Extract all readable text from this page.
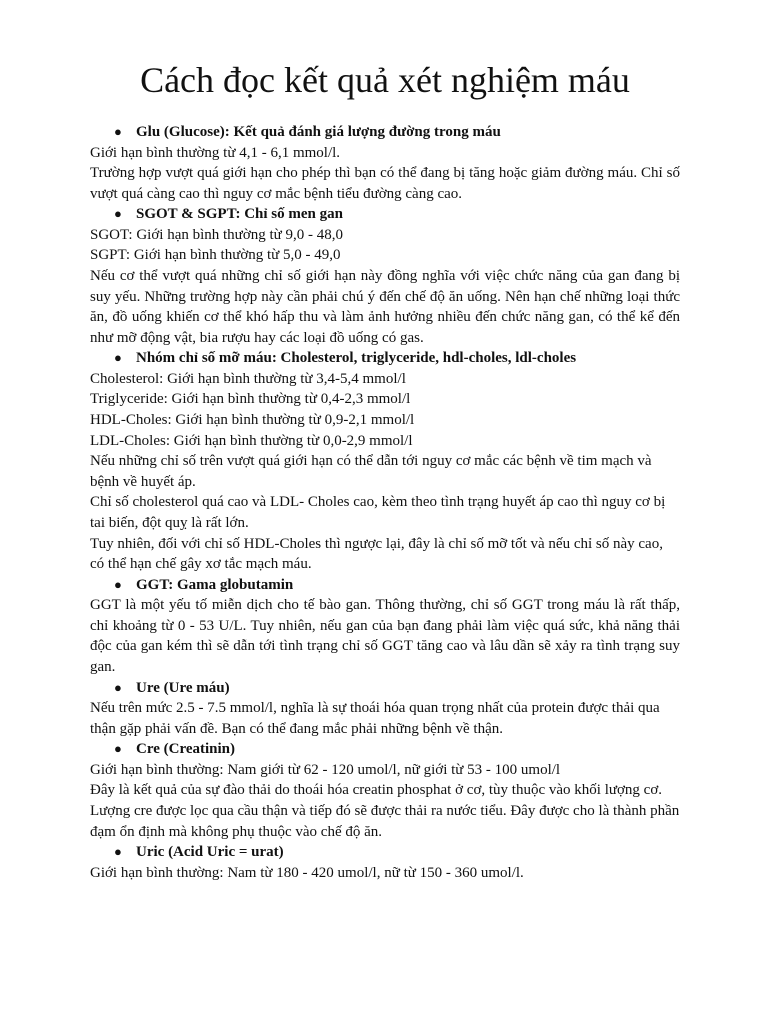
Cách đọc kết quả xét nghiệm máu
● Glu (Glucose): Kết quả đánh giá lượng đường trong máu

Giới hạn bình thường từ 4,1 - 6,1 mmol/l.

Trường hợp vượt quá giới hạn cho phép thì bạn có thể đang bị tăng hoặc giảm đường máu. Chỉ số vượt quá càng cao thì nguy cơ mắc bệnh tiểu đường càng cao.

● SGOT & SGPT: Chỉ số men gan

SGOT: Giới hạn bình thường từ 9,0 - 48,0

SGPT: Giới hạn bình thường từ 5,0 - 49,0

Nếu cơ thể vượt quá những chỉ số giới hạn này đồng nghĩa với việc chức năng của gan đang bị suy yếu. Những trường hợp này cần phải chú ý đến chế độ ăn uống. Nên hạn chế những loại thức ăn, đồ uống khiến cơ thể khó hấp thu và làm ảnh hưởng nhiều đến chức năng gan, có thể kể đến như mỡ động vật, bia rượu hay các loại đồ uống có gas.

● Nhóm chỉ số mỡ máu: Cholesterol, triglyceride, hdl-choles, ldl-choles

Cholesterol: Giới hạn bình thường từ 3,4-5,4 mmol/l

Triglyceride: Giới hạn bình thường từ 0,4-2,3 mmol/l

HDL-Choles: Giới hạn bình thường từ 0,9-2,1 mmol/l

LDL-Choles: Giới hạn bình thường từ 0,0-2,9 mmol/l

Nếu những chỉ số trên vượt quá giới hạn có thể dẫn tới nguy cơ mắc các bệnh về tim mạch và bệnh về huyết áp.

Chỉ số cholesterol quá cao và LDL- Choles cao, kèm theo tình trạng huyết áp cao thì nguy cơ bị tai biến, đột quỵ là rất lớn.

Tuy nhiên, đối với chỉ số HDL-Choles thì ngược lại, đây là chỉ số mỡ tốt và nếu chỉ số này cao, có thể hạn chế gây xơ tắc mạch máu.

● GGT: Gama globutamin

GGT là một yếu tố miễn dịch cho tế bào gan. Thông thường, chỉ số GGT trong máu là rất thấp, chỉ khoảng từ 0 - 53 U/L. Tuy nhiên, nếu gan của bạn đang phải làm việc quá sức, khả năng thải độc của gan kém thì sẽ dẫn tới tình trạng chỉ số GGT tăng cao và lâu dần sẽ xảy ra tình trạng suy gan.

● Ure (Ure máu)

Nếu trên mức 2.5 - 7.5 mmol/l, nghĩa là sự thoái hóa quan trọng nhất của protein được thải qua thận gặp phải vấn đề. Bạn có thể đang mắc phải những bệnh về thận.

● Cre (Creatinin)

Giới hạn bình thường: Nam giới từ 62 - 120 umol/l, nữ giới từ 53 - 100 umol/l

Đây là kết quả của sự đào thải do thoái hóa creatin phosphat ở cơ, tùy thuộc vào khối lượng cơ. Lượng cre được lọc qua cầu thận và tiếp đó sẽ được thải ra nước tiểu. Đây được cho là thành phần đạm ổn định mà không phụ thuộc vào chế độ ăn.

● Uric (Acid Uric = urat)

Giới hạn bình thường: Nam từ 180 - 420 umol/l, nữ từ 150 - 360 umol/l.
